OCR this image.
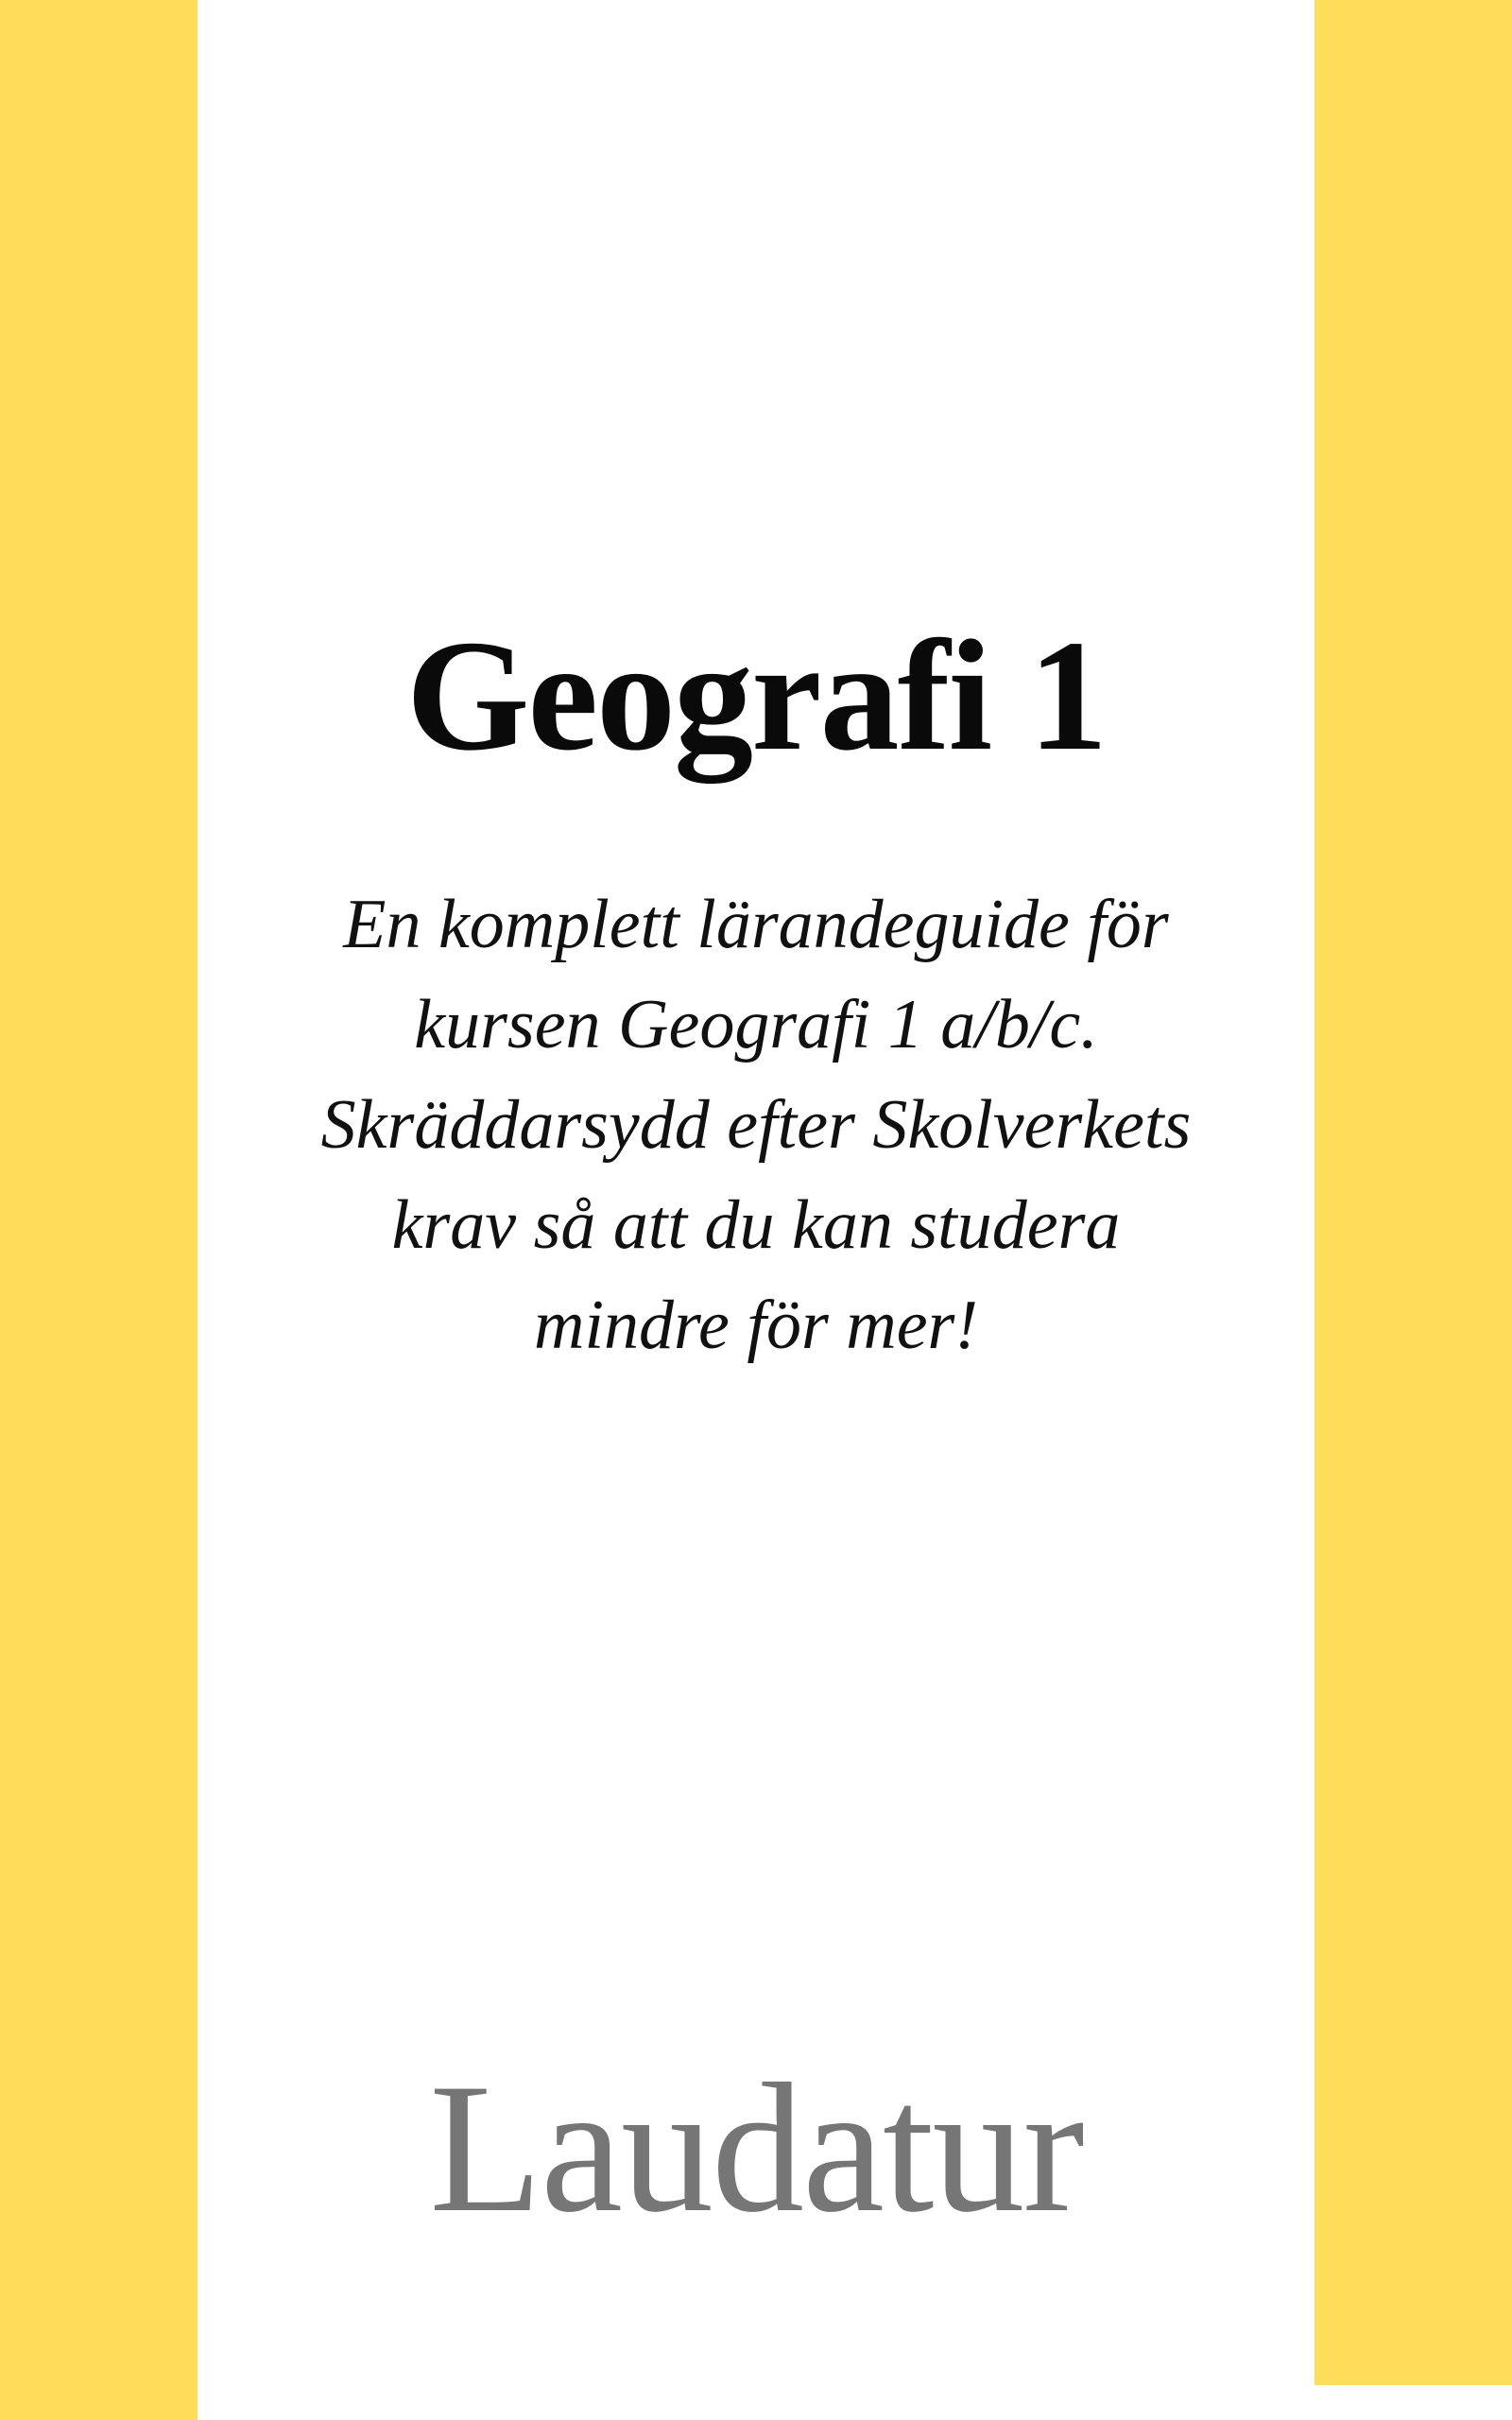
Geografi 1
En komplett lärandeguide för
kursen Geografi 1 a/b/c.
Skräddarsydd efter Skolverkets
krav så att du kan studera
mindre för mer!
Laudatur
